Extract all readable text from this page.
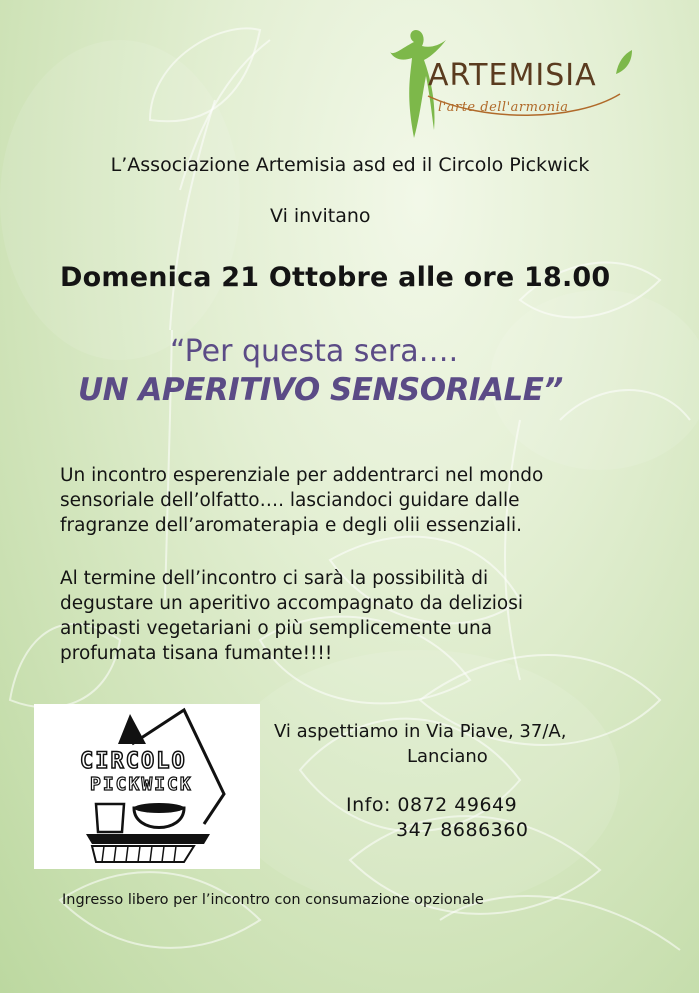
ARTEMISIA
l'arte dell'armonia
L’Associazione Artemisia asd ed il Circolo Pickwick
Vi invitano
Domenica 21 Ottobre alle ore 18.00
“Per questa sera….
UN APERITIVO SENSORIALE”
Un incontro esperenziale per addentrarci nel mondo
sensoriale dell’olfatto…. lasciandoci guidare dalle
fragranze dell’aromaterapia e degli olii essenziali.
Al termine dell’incontro ci sarà la possibilità di
degustare un aperitivo accompagnato da deliziosi
antipasti vegetariani o più semplicemente una
profumata tisana fumante!!!!
CIRCOLO
PICKWICK
Vi aspettiamo in Via Piave, 37/A,
Lanciano
Info: 0872 49649
347 8686360
Ingresso libero per l’incontro con consumazione opzionale
